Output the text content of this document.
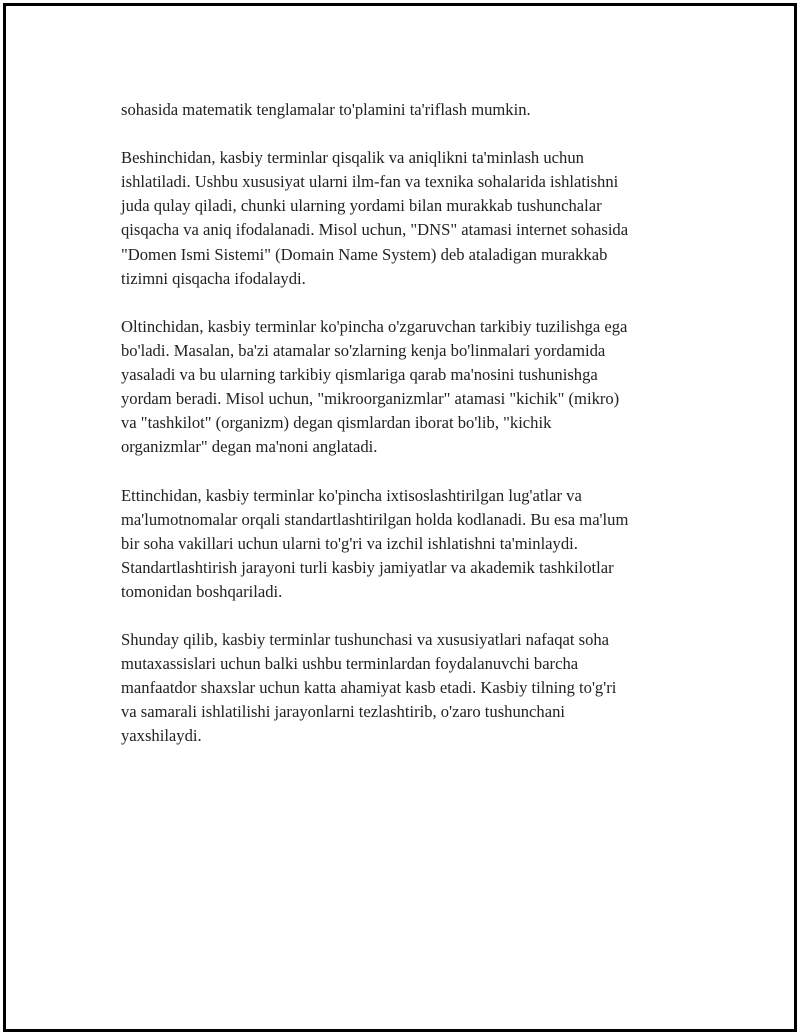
sohasida matematik tenglamalar to'plamini ta'riflash mumkin.

Beshinchidan, kasbiy terminlar qisqalik va aniqlikni ta'minlash uchun
ishlatiladi. Ushbu xususiyat ularni ilm-fan va texnika sohalarida ishlatishni
juda qulay qiladi, chunki ularning yordami bilan murakkab tushunchalar
qisqacha va aniq ifodalanadi. Misol uchun, "DNS" atamasi internet sohasida
"Domen Ismi Sistemi" (Domain Name System) deb ataladigan murakkab
tizimni qisqacha ifodalaydi.

Oltinchidan, kasbiy terminlar ko'pincha o'zgaruvchan tarkibiy tuzilishga ega
bo'ladi. Masalan, ba'zi atamalar so'zlarning kenja bo'linmalari yordamida
yasaladi va bu ularning tarkibiy qismlariga qarab ma'nosini tushunishga
yordam beradi. Misol uchun, "mikroorganizmlar" atamasi "kichik" (mikro)
va "tashkilot" (organizm) degan qismlardan iborat bo'lib, "kichik
organizmlar" degan ma'noni anglatadi.

Ettinchidan, kasbiy terminlar ko'pincha ixtisoslashtirilgan lug'atlar va
ma'lumotnomalar orqali standartlashtirilgan holda kodlanadi. Bu esa ma'lum
bir soha vakillari uchun ularni to'g'ri va izchil ishlatishni ta'minlaydi.
Standartlashtirish jarayoni turli kasbiy jamiyatlar va akademik tashkilotlar
tomonidan boshqariladi.

Shunday qilib, kasbiy terminlar tushunchasi va xususiyatlari nafaqat soha
mutaxassislari uchun balki ushbu terminlardan foydalanuvchi barcha
manfaatdor shaxslar uchun katta ahamiyat kasb etadi. Kasbiy tilning to'g'ri
va samarali ishlatilishi jarayonlarni tezlashtirib, o'zaro tushunchani
yaxshilaydi.
